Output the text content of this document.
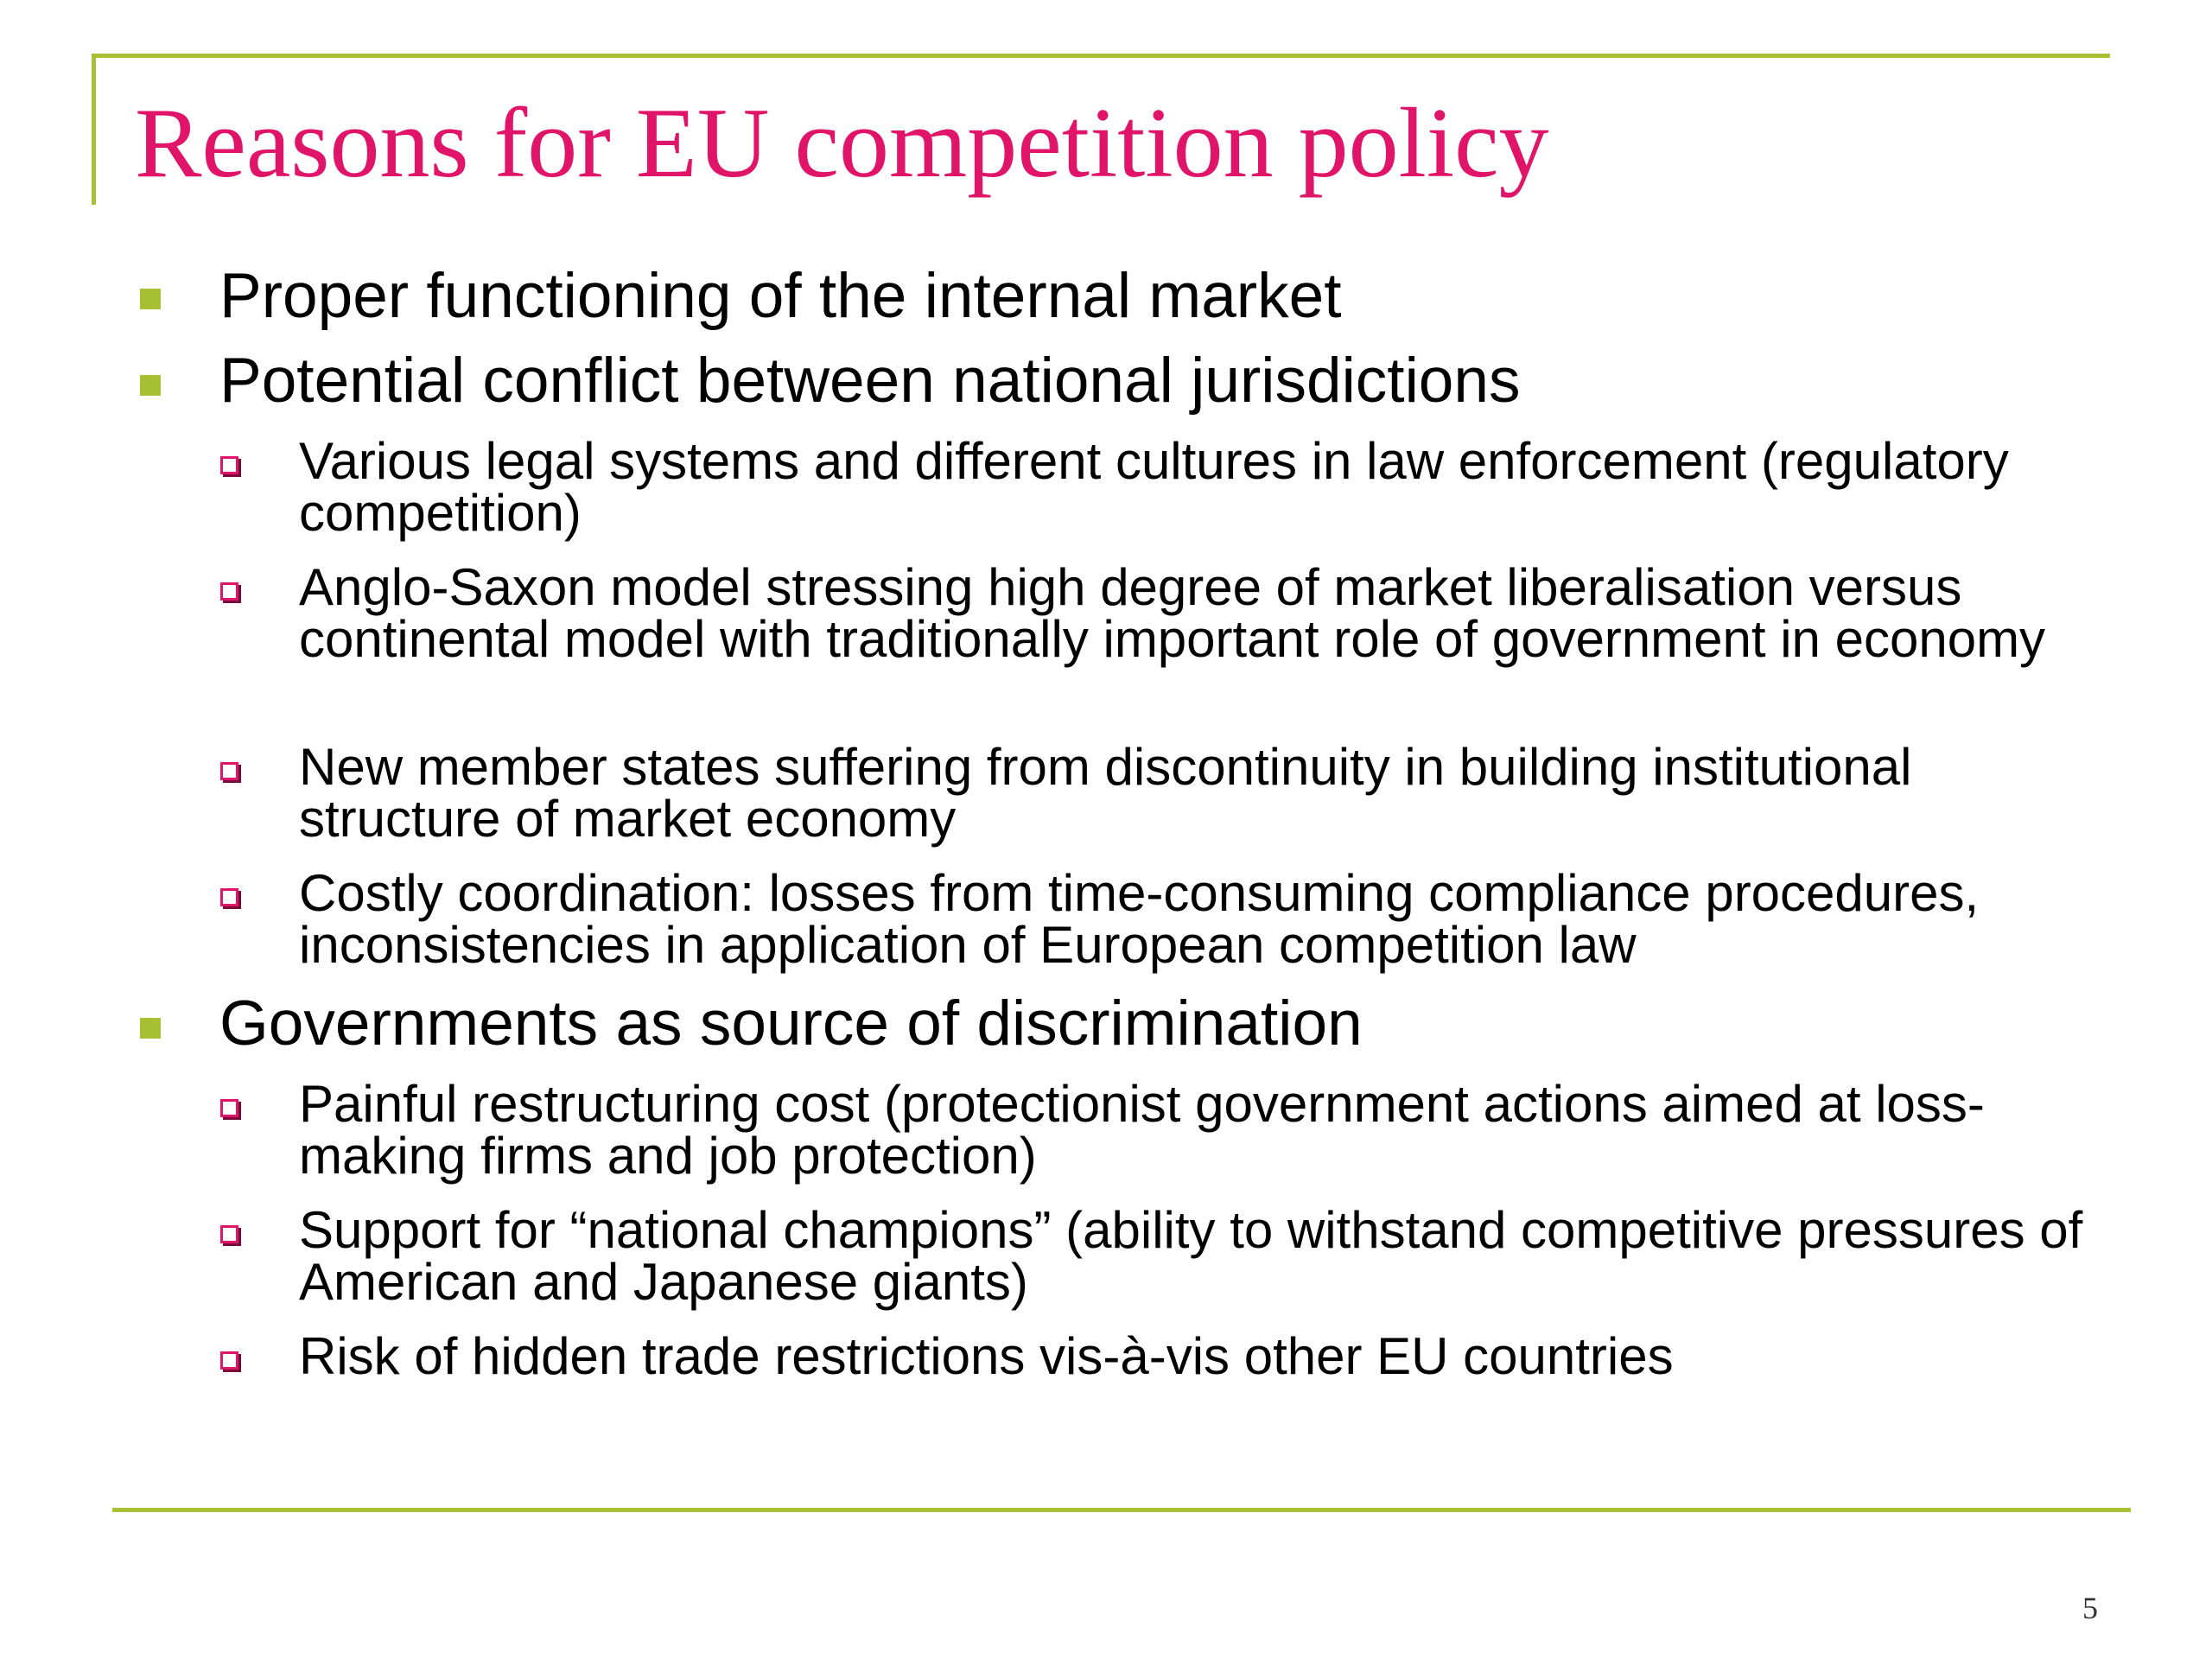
Reasons for EU competition policy
Proper functioning of the internal market
Potential conflict between national jurisdictions
Various legal systems and different cultures in law enforcement (regulatory competition)
Anglo-Saxon model stressing high degree of market liberalisation versus continental model with traditionally important role of government in economy
New member states suffering from discontinuity in building institutional structure of market economy
Costly coordination: losses from time-consuming compliance procedures, inconsistencies in application of European competition law
Governments as source of discrimination
Painful restructuring cost (protectionist government actions aimed at loss-making firms and job protection)
Support for “national champions” (ability to withstand competitive pressures of American and Japanese giants)
Risk of hidden trade restrictions vis-à-vis other EU countries
5
